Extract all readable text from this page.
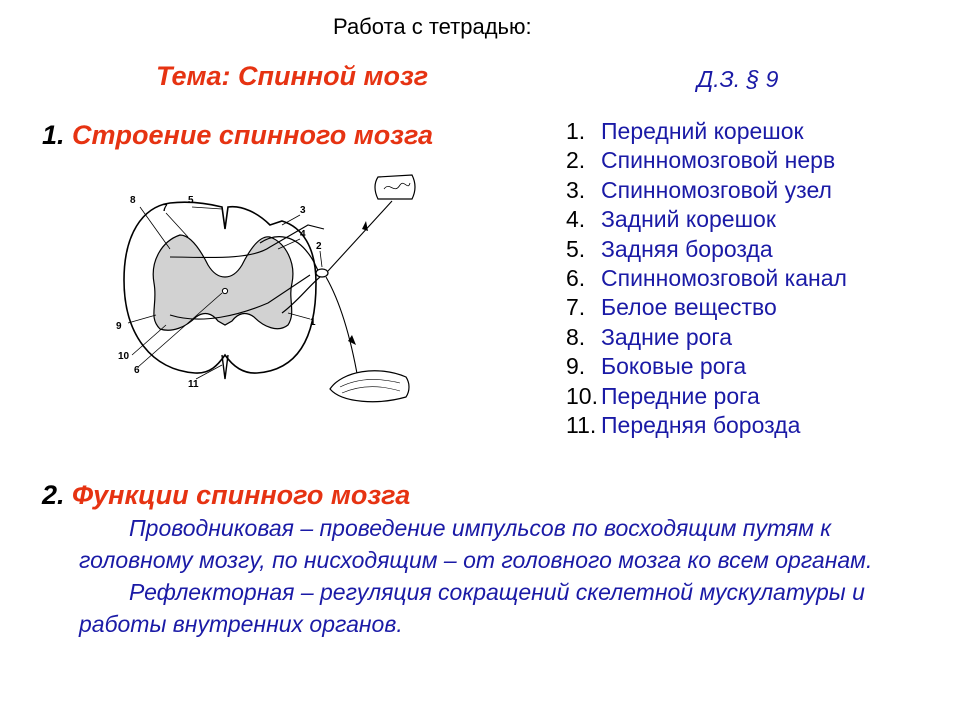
Работа с тетрадью:
Тема: Спинной мозг	Д.З. § 9
1. Строение спинного мозга
8
7
5
3
4
2
1
9
10
6
11
1. Передний корешок
2. Спинномозговой нерв
3. Спинномозговой узел
4. Задний корешок
5. Задняя борозда
6. Спинномозговой канал
7. Белое вещество
8. Задние рога
9. Боковые рога
10. Передние рога
11. Передняя борозда
2. Функции спинного мозга

Проводниковая – проведение импульсов по восходящим путям к головному мозгу, по нисходящим – от головного мозга ко всем органам.

Рефлекторная – регуляция сокращений скелетной мускулатуры и работы внутренних органов.
